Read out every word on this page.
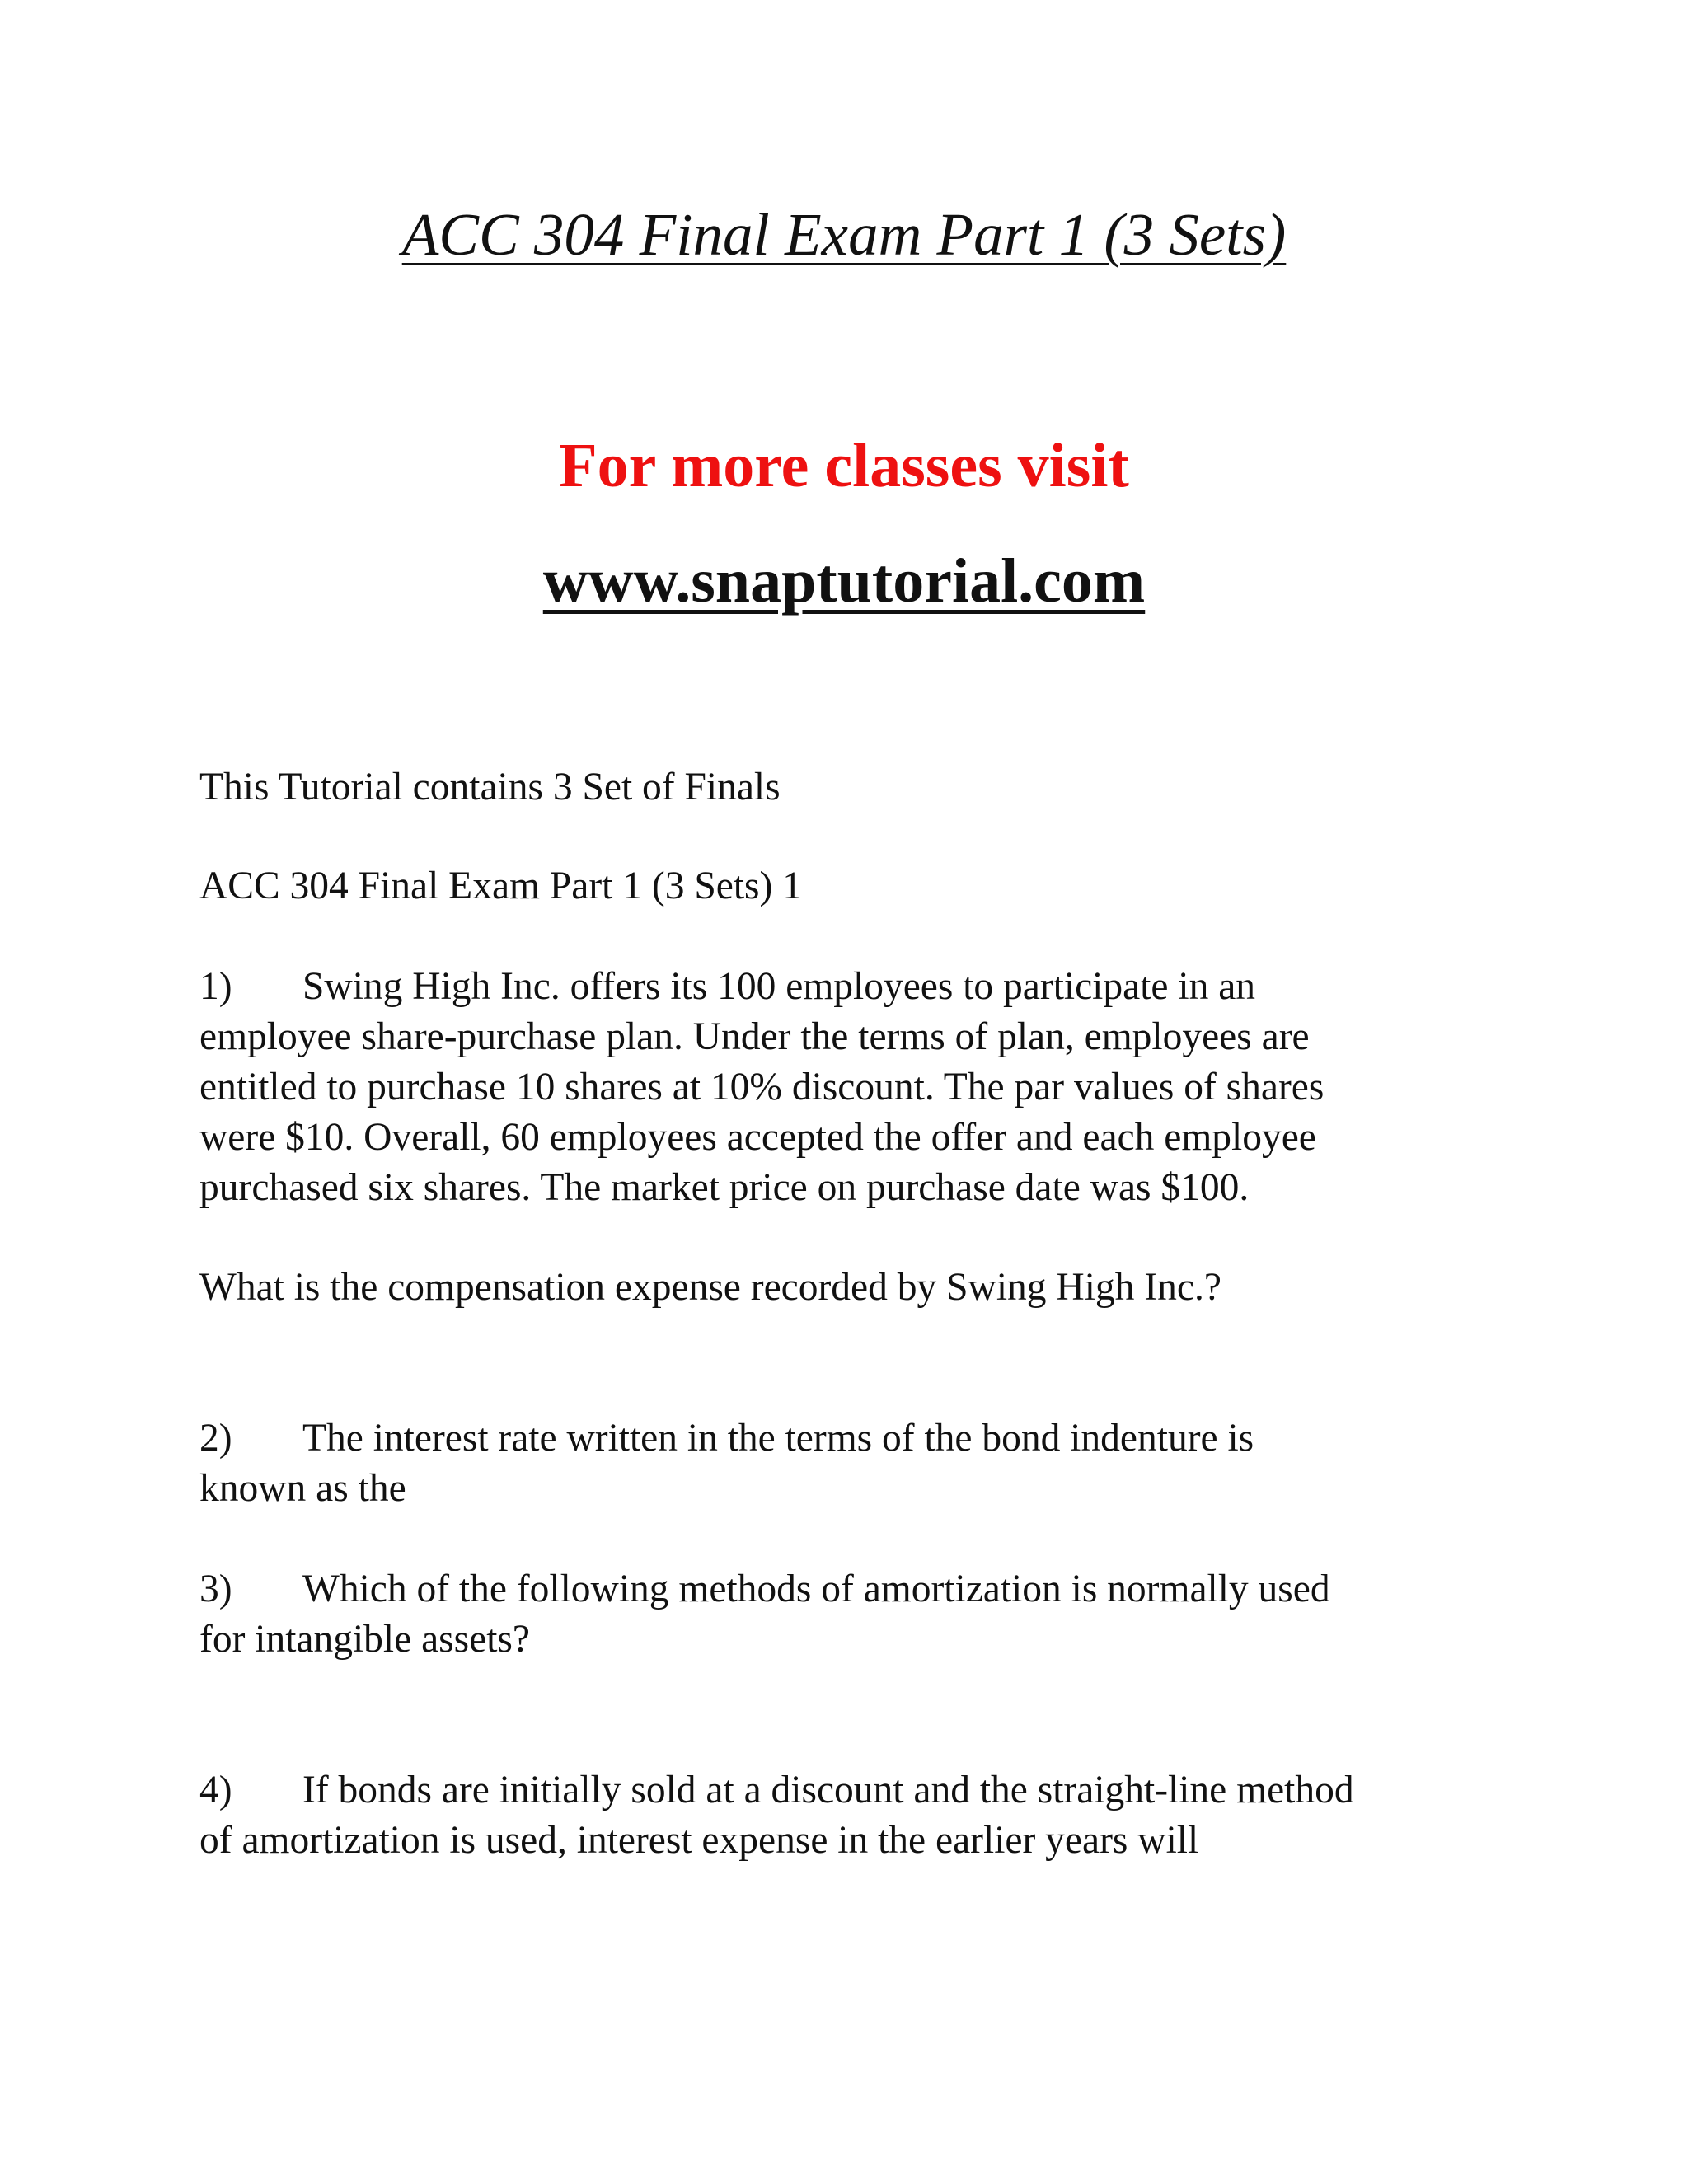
ACC 304 Final Exam Part 1 (3 Sets)

For more classes visit

www.snaptutorial.com

This Tutorial contains 3 Set of Finals

ACC 304 Final Exam Part 1 (3 Sets) 1

1) Swing High Inc. offers its 100 employees to participate in an
employee share-purchase plan. Under the terms of plan, employees are
entitled to purchase 10 shares at 10% discount. The par values of shares
were $10. Overall, 60 employees accepted the offer and each employee
purchased six shares. The market price on purchase date was $100.

What is the compensation expense recorded by Swing High Inc.?

2) The interest rate written in the terms of the bond indenture is
known as the
3) Which of the following methods of amortization is normally used
for intangible assets?
4) If bonds are initially sold at a discount and the straight-line method
of amortization is used, interest expense in the earlier years will
